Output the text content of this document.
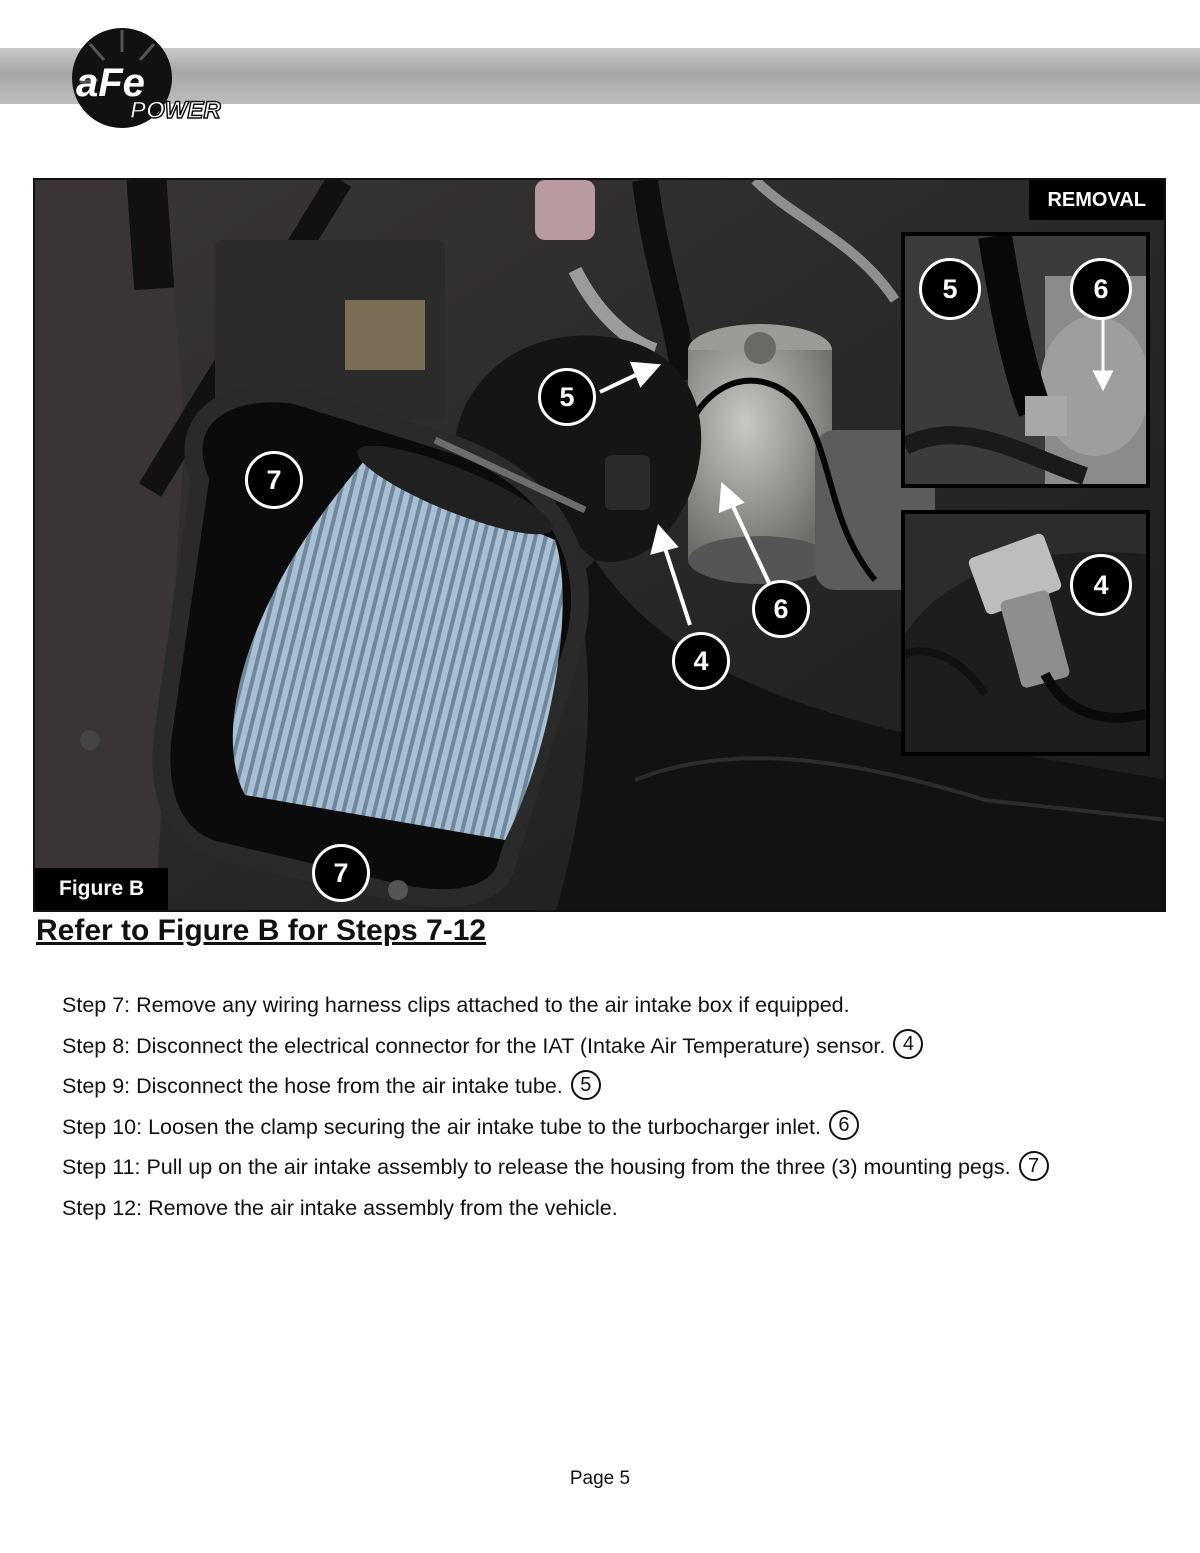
aFe
POWER
5
7
6
4
7
5	6
4
REMOVAL
Figure B
Refer to Figure B for Steps 7-12
Step 7: Remove any wiring harness clips attached to the air intake box if equipped.
Step 8: Disconnect the electrical connector for the IAT (Intake Air Temperature) sensor. 4
Step 9: Disconnect the hose from the air intake tube. 5
Step 10: Loosen the clamp securing the air intake tube to the turbocharger inlet. 6
Step 11: Pull up on the air intake assembly to release the housing from the three (3) mounting pegs. 7
Step 12: Remove the air intake assembly from the vehicle.
Page 5
